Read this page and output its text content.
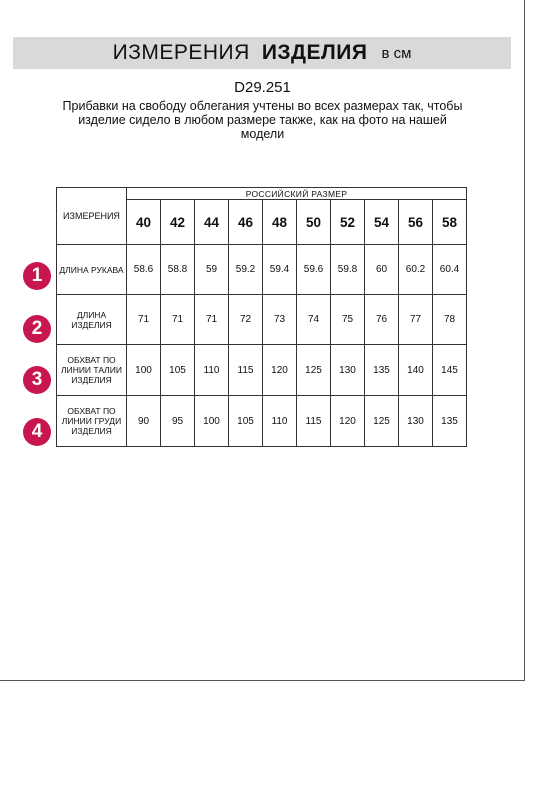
ИЗМЕРЕНИЯ ИЗДЕЛИЯ в см
D29.251
Прибавки на свободу облегания учтены во всех размерах так, чтобы изделие сидело в любом размере также, как на фото на нашей модели
ИЗМЕРЕНИЯ	РОССИЙСКИЙ РАЗМЕР									
	40	42	44	46	48	50	52	54	56	58
ДЛИНА РУКАВА	58.6	58.8	59	59.2	59.4	59.6	59.8	60	60.2	60.4
ДЛИНА ИЗДЕЛИЯ	71	71	71	72	73	74	75	76	77	78
ОБХВАТ ПО ЛИНИИ ТАЛИИ ИЗДЕЛИЯ	100	105	110	115	120	125	130	135	140	145
ОБХВАТ ПО ЛИНИИ ГРУДИ ИЗДЕЛИЯ	90	95	100	105	110	115	120	125	130	135
1
2
3
4
